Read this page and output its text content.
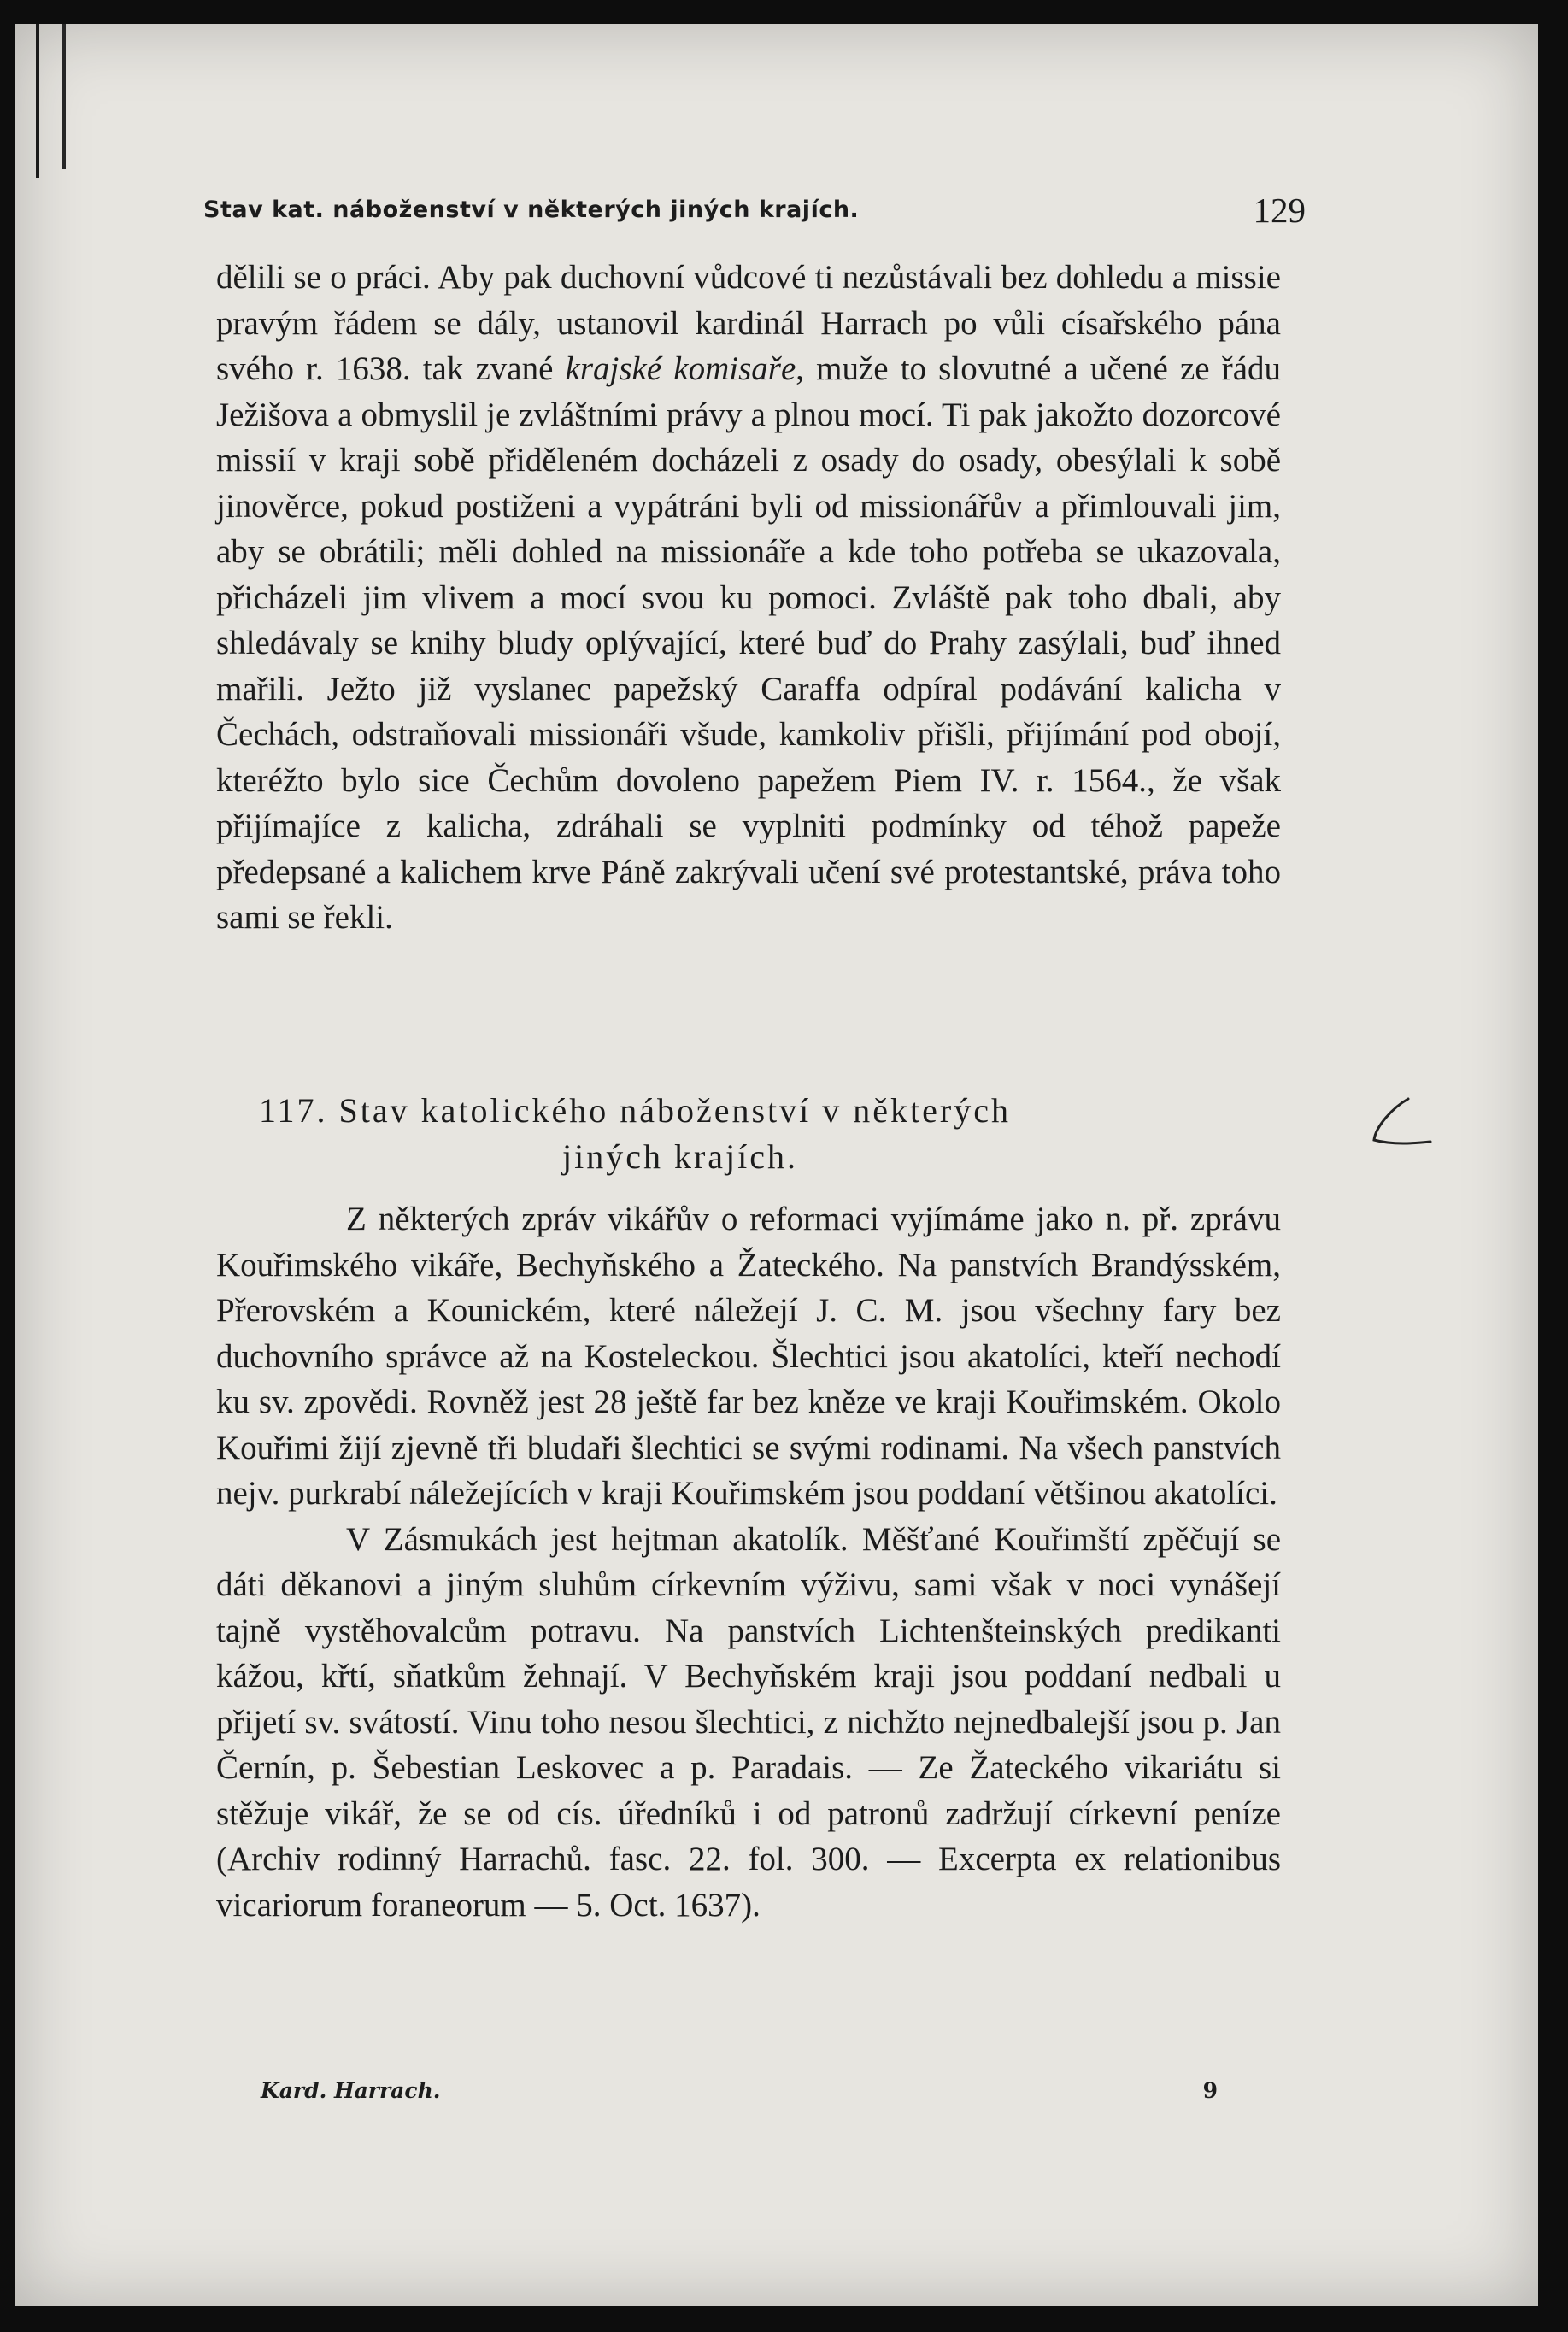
Stav kat. náboženství v některých jiných krajích.	129

dělili se o práci. Aby pak duchovní vůdcové ti nezůstávali bez dohledu a missie pravým řádem se dály, ustanovil kardinál Harrach po vůli císařského pána svého r. 1638. tak zvané krajské komisaře, muže to slovutné a učené ze řádu Ježišova a obmyslil je zvláštními právy a plnou mocí. Ti pak jakožto dozorcové missií v kraji sobě přiděleném docházeli z osady do osady, obesýlali k sobě jinověrce, pokud postiženi a vypátráni byli od missionářův a přimlouvali jim, aby se obrátili; měli dohled na missionáře a kde toho potřeba se ukazovala, přicházeli jim vlivem a mocí svou ku pomoci. Zvláště pak toho dbali, aby shledávaly se knihy bludy oplývající, které buď do Prahy zasýlali, buď ihned mařili. Ježto již vyslanec papežský Caraffa odpíral podávání kalicha v Čechách, odstraňovali missionáři všude, kamkoliv přišli, přijímání pod obojí, kteréžto bylo sice Čechům dovoleno papežem Piem IV. r. 1564., že však přijímajíce z kalicha, zdráhali se vyplniti podmínky od téhož papeže předepsané a kalichem krve Páně zakrývali učení své protestantské, práva toho sami se řekli.

117. Stav katolického náboženství v některých
jiných krajích.

Z některých zpráv vikářův o reformaci vyjímáme jako n. př. zprávu Kouřimského vikáře, Bechyňského a Žateckého. Na panstvích Brandýsském, Přerovském a Kounickém, které náležejí J. C. M. jsou všechny fary bez duchovního správce až na Kosteleckou. Šlechtici jsou akatolíci, kteří nechodí ku sv. zpovědi. Rovněž jest 28 ještě far bez kněze ve kraji Kouřimském. Okolo Kouřimi žijí zjevně tři bludaři šlechtici se svými rodinami. Na všech panstvích nejv. purkrabí náležejících v kraji Kouřimském jsou poddaní většinou akatolíci.

V Zásmukách jest hejtman akatolík. Měšťané Kouřimští zpěčují se dáti děkanovi a jiným sluhům církevním výživu, sami však v noci vynášejí tajně vystěhovalcům potravu. Na panstvích Lichtenšteinských predikanti kážou, křtí, sňatkům žehnají. V Bechyňském kraji jsou poddaní nedbali u přijetí sv. svátostí. Vinu toho nesou šlechtici, z nichžto nejnedbalejší jsou p. Jan Černín, p. Šebestian Leskovec a p. Paradais. — Ze Žateckého vikariátu si stěžuje vikář, že se od cís. úředníků i od patronů zadržují církevní peníze (Archiv rodinný Harrachů. fasc. 22. fol. 300. — Excerpta ex relationibus vicariorum foraneorum — 5. Oct. 1637).

Kard. Harrach.	9
